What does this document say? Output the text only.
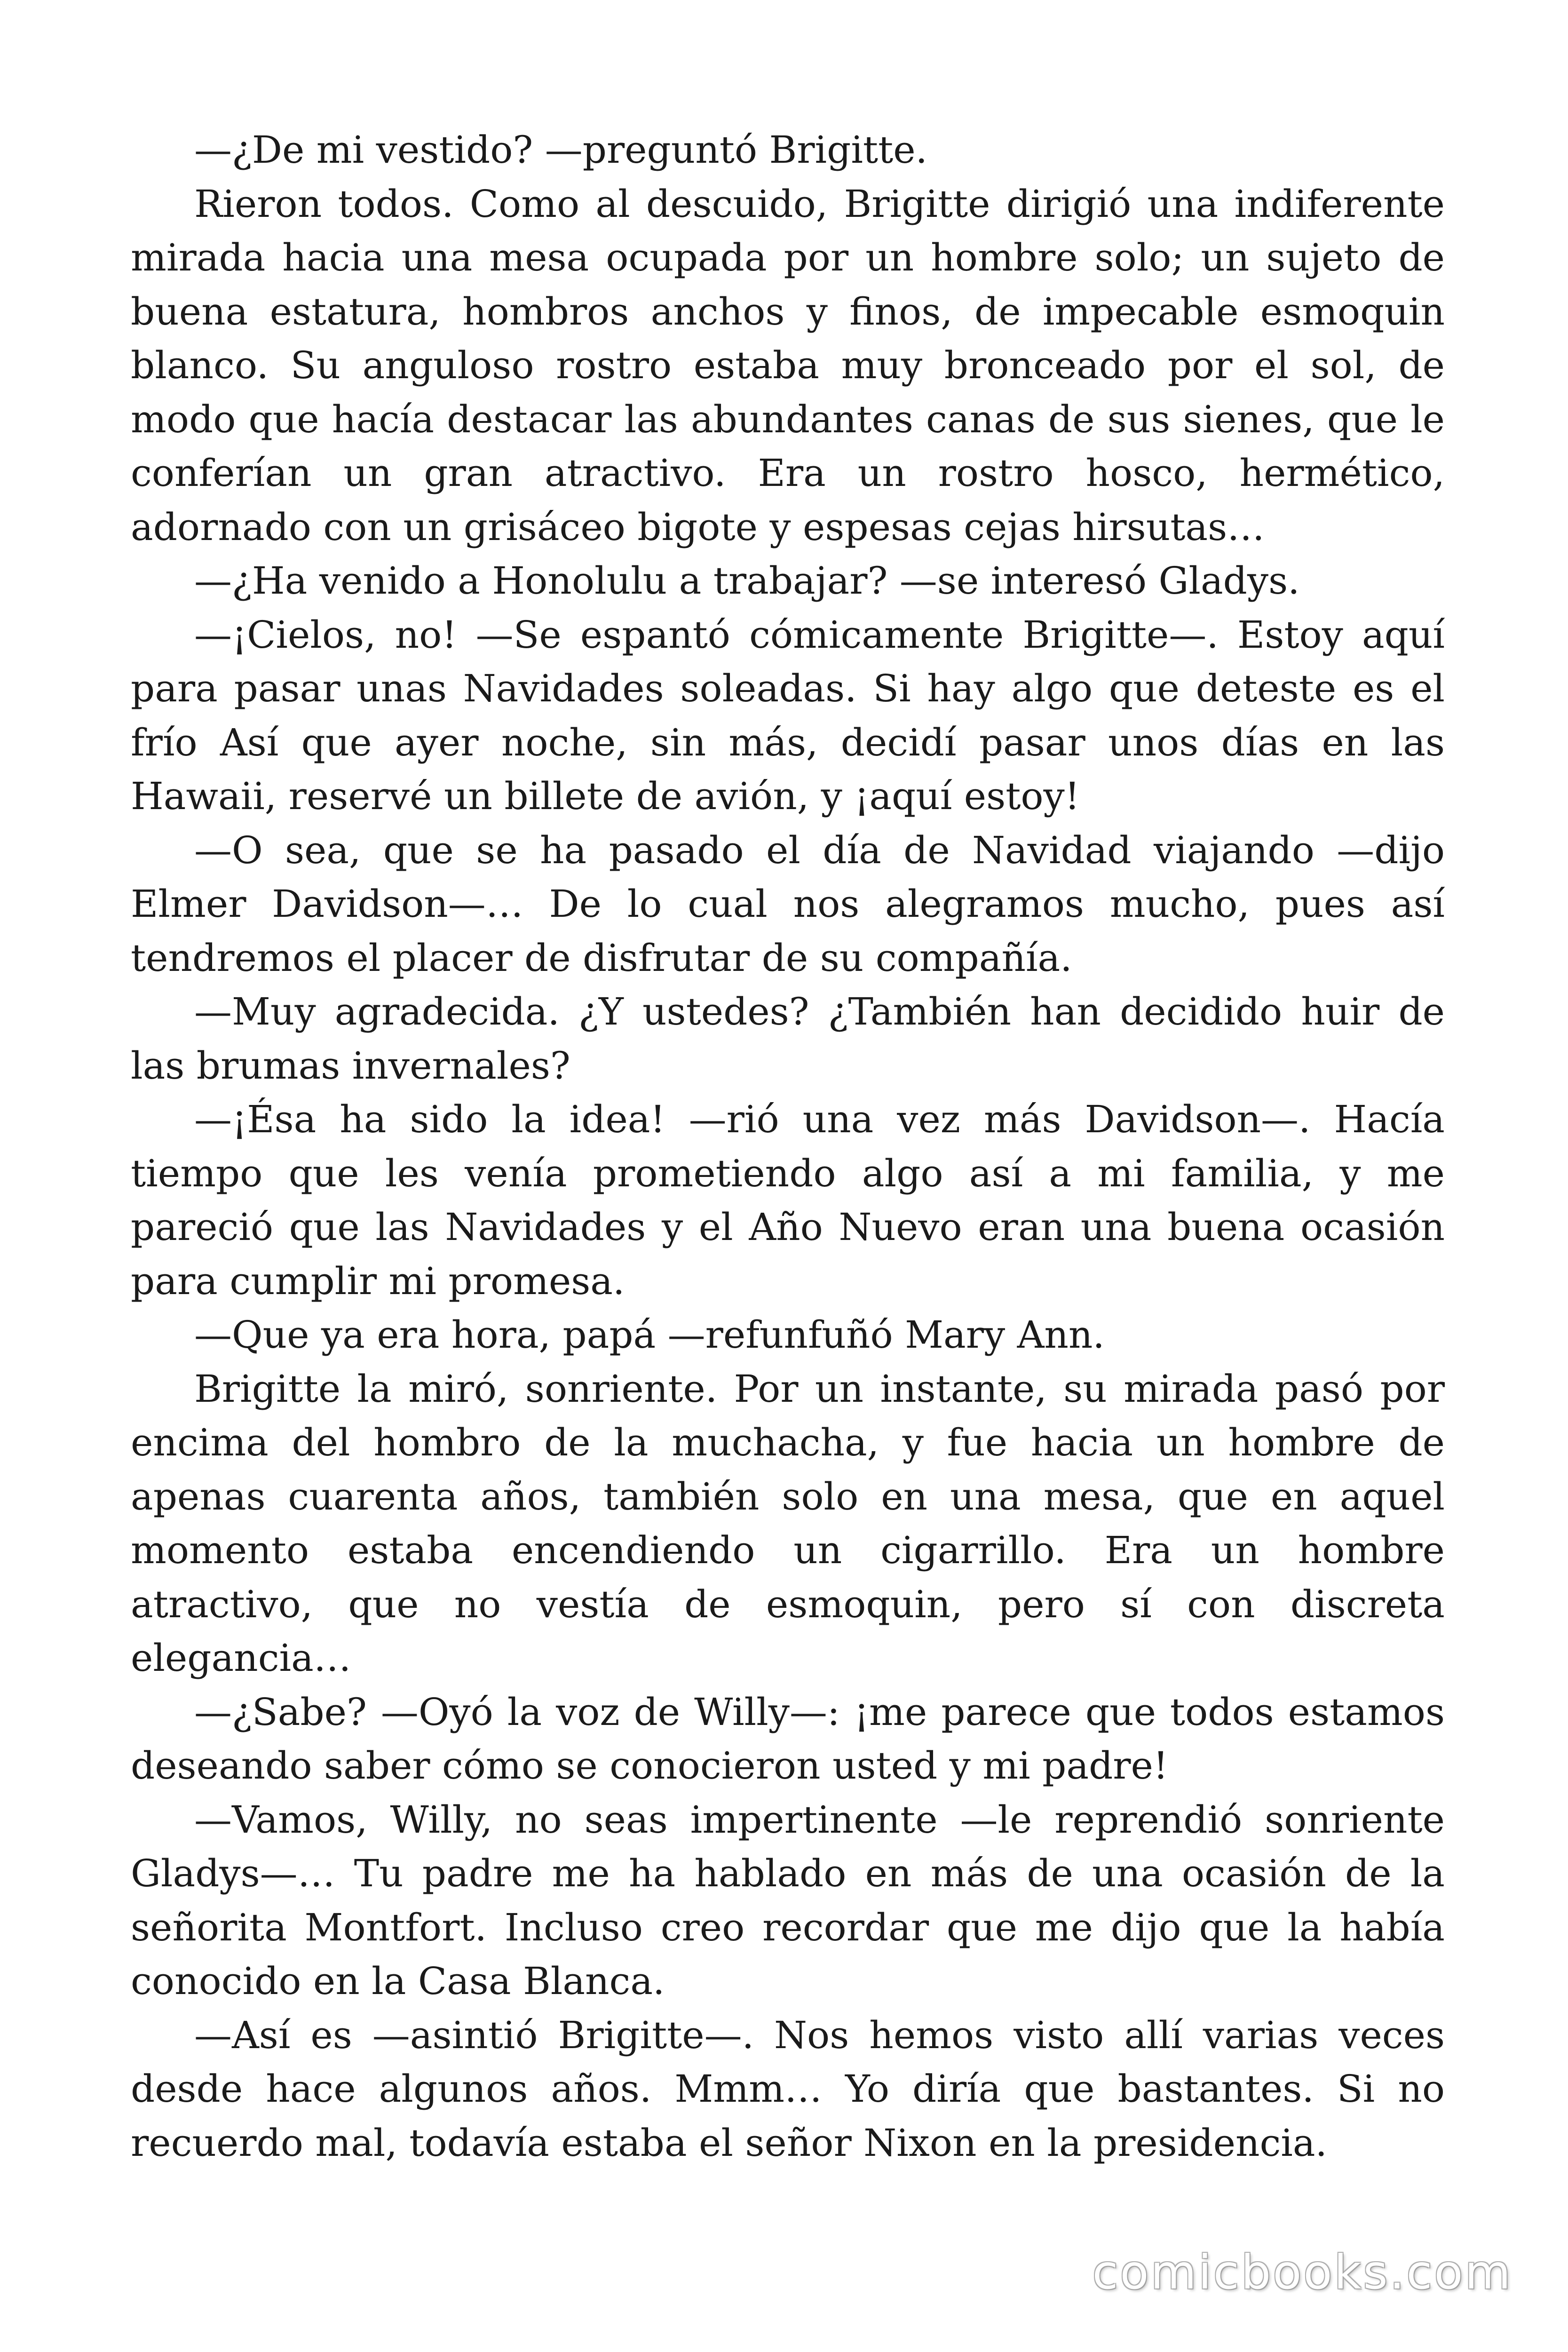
—¿De mi vestido? —preguntó Brigitte.

Rieron todos. Como al descuido, Brigitte dirigió una indiferente mirada hacia una mesa ocupada por un hombre solo; un sujeto de buena estatura, hombros anchos y finos, de impecable esmoquin blanco. Su anguloso rostro estaba muy bronceado por el sol, de modo que hacía destacar las abundantes canas de sus sienes, que le conferían un gran atractivo. Era un rostro hosco, hermético, adornado con un grisáceo bigote y espesas cejas hirsutas…

—¿Ha venido a Honolulu a trabajar? —se interesó Gladys.

—¡Cielos, no! —Se espantó cómicamente Brigitte—. Estoy aquí para pasar unas Navidades soleadas. Si hay algo que deteste es el frío Así que ayer noche, sin más, decidí pasar unos días en las Hawaii, reservé un billete de avión, y ¡aquí estoy!

—O sea, que se ha pasado el día de Navidad viajando —dijo Elmer Davidson—… De lo cual nos alegramos mucho, pues así tendremos el placer de disfrutar de su compañía.

—Muy agradecida. ¿Y ustedes? ¿También han decidido huir de las brumas invernales?

—¡Ésa ha sido la idea! —rió una vez más Davidson—. Hacía tiempo que les venía prometiendo algo así a mi familia, y me pareció que las Navidades y el Año Nuevo eran una buena ocasión para cumplir mi promesa.

—Que ya era hora, papá —refunfuñó Mary Ann.

Brigitte la miró, sonriente. Por un instante, su mirada pasó por encima del hombro de la muchacha, y fue hacia un hombre de apenas cuarenta años, también solo en una mesa, que en aquel momento estaba encendiendo un cigarrillo. Era un hombre atractivo, que no vestía de esmoquin, pero sí con discreta elegancia…

—¿Sabe? —Oyó la voz de Willy—: ¡me parece que todos estamos deseando saber cómo se conocieron usted y mi padre!

—Vamos, Willy, no seas impertinente —le reprendió sonriente Gladys—… Tu padre me ha hablado en más de una ocasión de la señorita Montfort. Incluso creo recordar que me dijo que la había conocido en la Casa Blanca.

—Así es —asintió Brigitte—. Nos hemos visto allí varias veces desde hace algunos años. Mmm… Yo diría que bastantes. Si no recuerdo mal, todavía estaba el señor Nixon en la presidencia.

comicbooks.com
